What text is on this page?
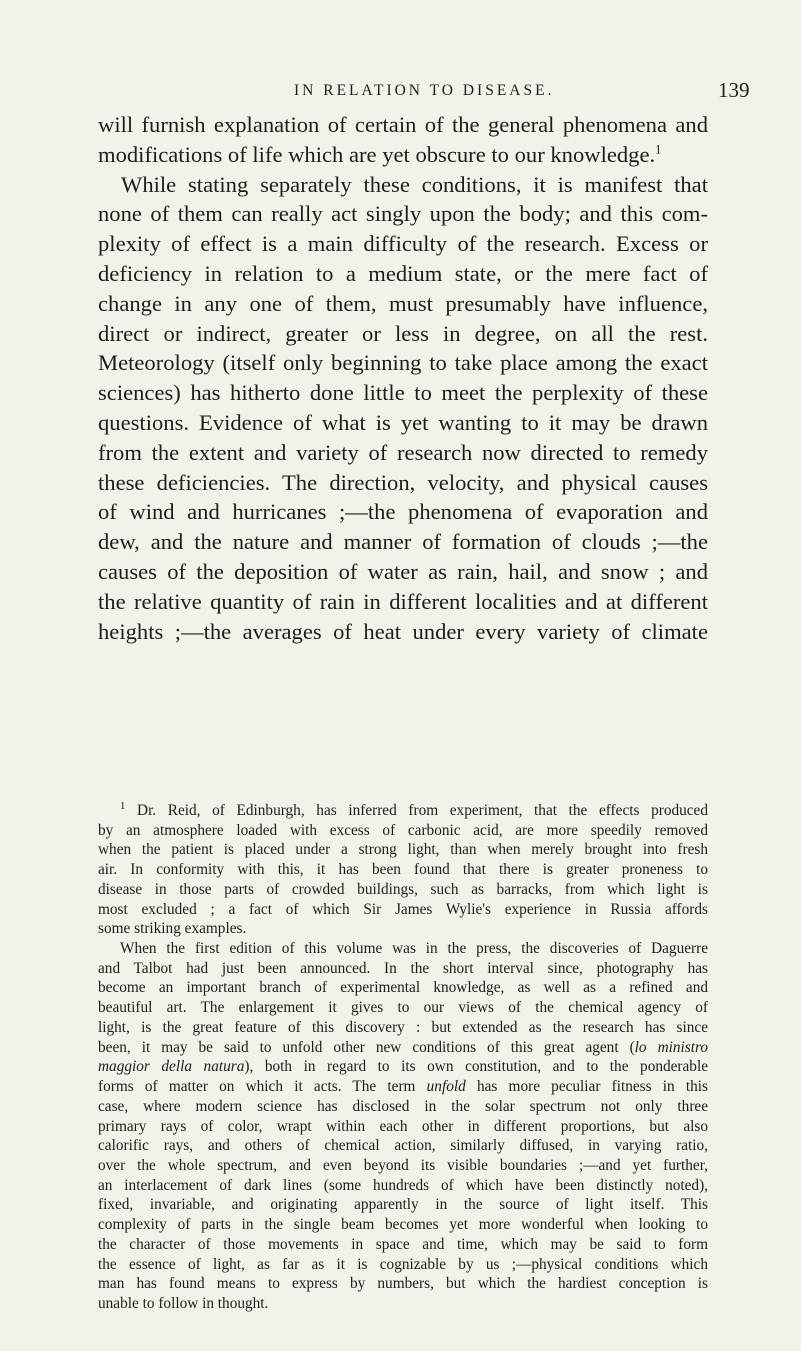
IN RELATION TO DISEASE.	139
will furnish explanation of certain of the general phenomena and
modifications of life which are yet obscure to our knowledge.$^1$
While stating separately these conditions, it is manifest that
none of them can really act singly upon the body; and this com-
plexity of effect is a main difficulty of the research. Excess or
deficiency in relation to a medium state, or the mere fact of
change in any one of them, must presumably have influence,
direct or indirect, greater or less in degree, on all the rest.
Meteorology (itself only beginning to take place among the exact
sciences) has hitherto done little to meet the perplexity of these
questions. Evidence of what is yet wanting to it may be drawn
from the extent and variety of research now directed to remedy
these deficiencies. The direction, velocity, and physical causes
of wind and hurricanes ;—the phenomena of evaporation and
dew, and the nature and manner of formation of clouds ;—the
causes of the deposition of water as rain, hail, and snow ; and
the relative quantity of rain in different localities and at different
heights ;—the averages of heat under every variety of climate
$^1$ Dr. Reid, of Edinburgh, has inferred from experiment, that the effects produced
by an atmosphere loaded with excess of carbonic acid, are more speedily removed
when the patient is placed under a strong light, than when merely brought into fresh
air. In conformity with this, it has been found that there is greater proneness to
disease in those parts of crowded buildings, such as barracks, from which light is
most excluded ; a fact of which Sir James Wylie's experience in Russia affords
some striking examples.
When the first edition of this volume was in the press, the discoveries of Daguerre
and Talbot had just been announced. In the short interval since, photography has
become an important branch of experimental knowledge, as well as a refined and
beautiful art. The enlargement it gives to our views of the chemical agency of
light, is the great feature of this discovery : but extended as the research has since
been, it may be said to unfold other new conditions of this great agent (lo ministro
maggior della natura), both in regard to its own constitution, and to the ponderable
forms of matter on which it acts. The term unfold has more peculiar fitness in this
case, where modern science has disclosed in the solar spectrum not only three
primary rays of color, wrapt within each other in different proportions, but also
calorific rays, and others of chemical action, similarly diffused, in varying ratio,
over the whole spectrum, and even beyond its visible boundaries ;—and yet further,
an interlacement of dark lines (some hundreds of which have been distinctly noted),
fixed, invariable, and originating apparently in the source of light itself. This
complexity of parts in the single beam becomes yet more wonderful when looking to
the character of those movements in space and time, which may be said to form
the essence of light, as far as it is cognizable by us ;—physical conditions which
man has found means to express by numbers, but which the hardiest conception is
unable to follow in thought.
